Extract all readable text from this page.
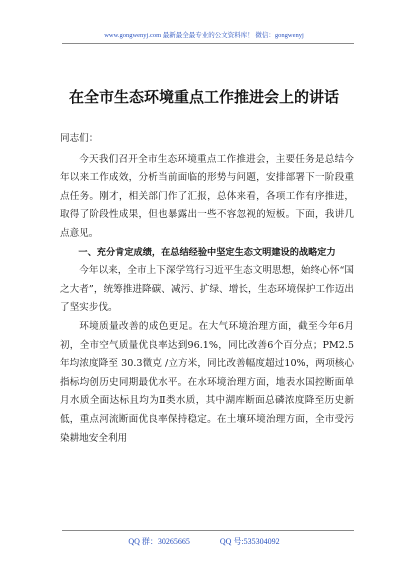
www.gongwenyj.com 最新最全最专业的公文资料库！ 微信：gongwenyj
在全市生态环境重点工作推进会上的讲话

同志们：

今天我们召开全市生态环境重点工作推进会，主要任务是总结今年以来工作成效，分析当前面临的形势与问题，安排部署下一阶段重点任务。刚才，相关部门作了汇报，总体来看，各项工作有序推进，取得了阶段性成果，但也暴露出一些不容忽视的短板。下面，我讲几点意见。

一、充分肯定成绩，在总结经验中坚定生态文明建设的战略定力

今年以来，全市上下深学笃行习近平生态文明思想，始终心怀“国之大者”，统筹推进降碳、减污、扩绿、增长，生态环境保护工作迈出了坚实步伐。

环境质量改善的成色更足。在大气环境治理方面，截至今年6月初，全市空气质量优良率达到96.1%，同比改善6个百分点；PM2.5年均浓度降至 30.3微克 /立方米，同比改善幅度超过10%，两项核心指标均创历史同期最优水平。在水环境治理方面，地表水国控断面单月水质全面达标且均为Ⅱ类水质，其中湖库断面总磷浓度降至历史新低，重点河流断面优良率保持稳定。在土壤环境治理方面，全市受污染耕地安全利用

QQ 群：30265665	QQ 号:535304092
